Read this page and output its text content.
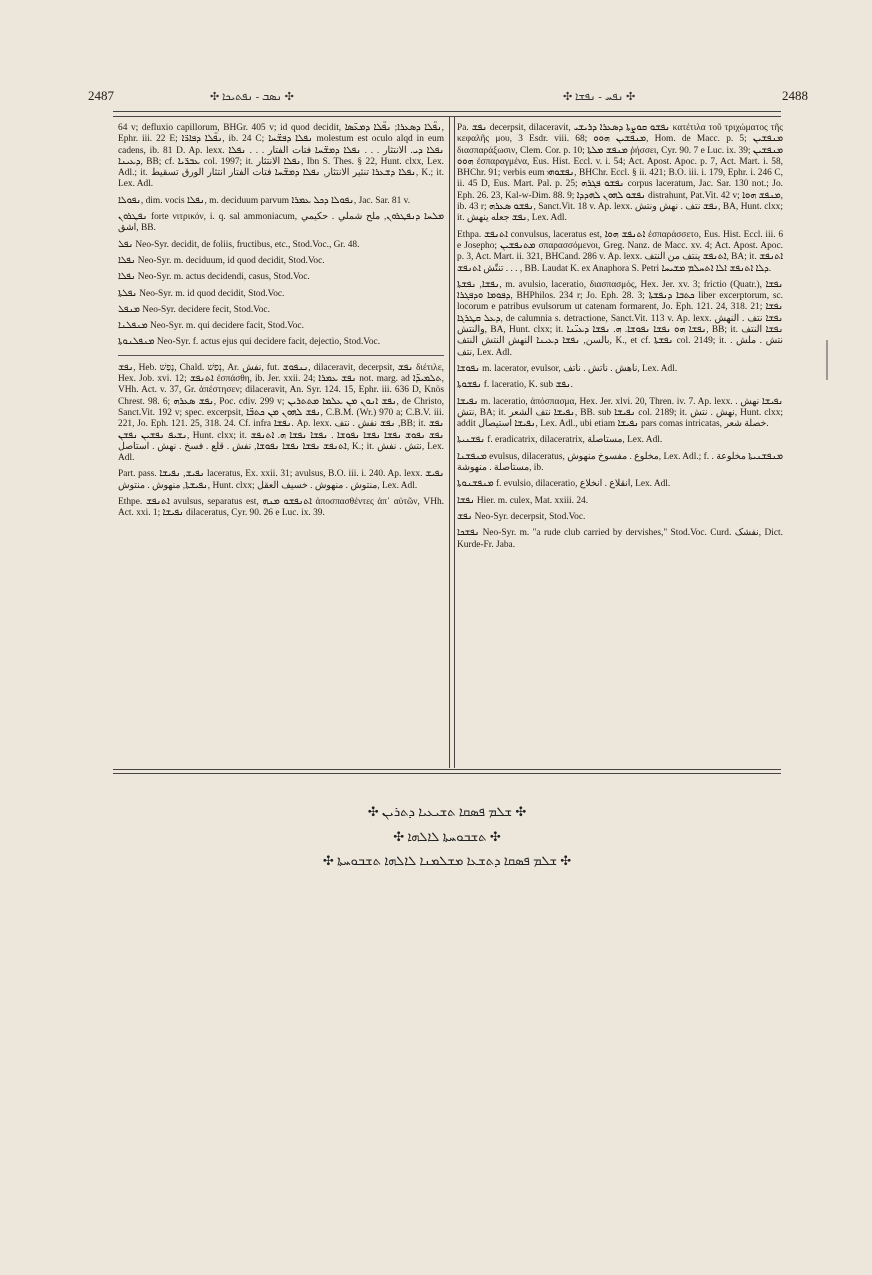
2487	✣ ܢܣܒ - ܢܦܬܝܟܐ ✣	✣ ܢܦܚ - ܢܦܫܐ ✣	2488

64 v; defluxio capillorum, BHGr. 405 v; id quod decidit, ܢܦ̈ܠܐ ܕܣܥܪܐ; ܢܦ̈ܠܐ ܕܡܥ̈ܣܐ, Ephr. iii. 22 E; ܢܦ̈ܠܐ ܕܦܐܪ̈ܐ, ib. 24 C; ܢܦܠܐ ܕܦܫ̈ܚܐ molestum est oculo alqd in eum cadens, ib. 81 D. Ap. lexx. ܢܦܠܐ ܕܝ. الانتثار . . . ܢܦܠܐ ܕܡܫ̈ܚܐ فتات الفتار . . . ܢܦܠܐ ܕܥܝܢܐ, BB; cf. ܥܒܪ̈ܝܐ col. 1997; it. ܢܦܠܐ الانتثار, Ibn S. Thes. § 22, Hunt. clxx, Lex. Adl.; it. ܢܦܠܐ ܕܫܥܪܐ تنثير الانتثار, ܢܦܠܐ ܕܡܫ̈ܚܐ فتات الفتار انتثار الورق تسقيط, K.; it. Lex. Adl.

ܢܦܘܠܐ, dim. vocis ܢܦܠܐ, m. deciduum parvum ܢܦܘܠܐ ܕܟܠ ܥܡܪܐ, Jac. Sar. 81 v.

ܢܦܛܪܘܢ forte νιτρικόν, i. q. sal ammoniacum, ܡܠܚܐ ܕܢܦܛܪܘܢ, ملح شملي . حكيمي اشق, BB.

ܢܦܠ Neo-Syr. decidit, de foliis, fructibus, etc., Stod.Voc., Gr. 48.

ܢܦܠܐ Neo-Syr. m. deciduum, id quod decidit, Stod.Voc.

ܢܦܠܐ Neo-Syr. m. actus decidendi, casus, Stod.Voc.

ܢܦܠܬܐ Neo-Syr. m. id quod decidit, Stod.Voc.

ܡܢܦܠ Neo-Syr. decidere fecit, Stod.Voc.

ܡܢܦܠܢܐ Neo-Syr. m. qui decidere facit, Stod.Voc.

ܡܢܦܠܢܘܬܐ Neo-Syr. f. actus ejus qui decidere facit, dejectio, Stod.Voc.

ܢܦܫ, Heb. נָפַשׁ, Chald. נְפַשׁ, Ar. نفش, fut. ܢܢܦܘܫ, dilaceravit, decerpsit, ܢܦܫ διέτιλε, Hex. Job. xvi. 12; ܐܬܢܦܫ ἐσπάσθη, ib. Jer. xxii. 24; ܢܦܫ ܥܡܪܐ not. marg. ad ܬܠܡܝܕ̈ܐ, VHh. Act. v. 37, Gr. ἀπέστησεν; dilaceravit, An. Syr. 124. 15, Ephr. iii. 636 D, Knös Chrest. 98. 6; ܢܦܫ ܣܥܪܗ, Poc. cdiv. 299 v; ܢܦܫ ܐܢܘܢ ܡܢ ܥܠܡܐ ܡܬܬܪܝܢ, de Christo, Sanct.Vit. 192 v; spec. excerpsit, ܢܦܫ ܠܗܘܢ ܡܢ ܟܬܒ̈ܐ, C.B.M. (Wr.) 970 a; C.B.V. iii. 221, Jo. Eph. 121. 25, 318. 24. Cf. infra ܢܦܫܐ. Ap. lexx. ܢܦܫ نفش . نتف ,BB; it. ܢܦܫ ܢܫܝܦ ܢܦܫܝܢ ܢܦܫܢ, Hunt. clxx; it. ܢܦܫ ܢܦܘܫ ܢܦܫܐ ܢܦܫܐ ܢܦܘܫܐ . ܢܦܫܐ ܢܦܫܐ ܗ. ܐܬܢܦܫ ܐܬܢܦܫ ܢܦܫܐ ܢܦܫܐ ܢܦܘܫܐ, نفش . قلع . فسخ . نهش . استاصل, K.; it. نتش . نفش, Lex. Adl.

Part. pass. ܢܦܝܫ, ܢܦܝܫܐ laceratus, Ex. xxii. 31; avulsus, B.O. iii. i. 240. Ap. lexx. ܢܦܝܫ ܢܦܝܫܬܐ, منهوش . منتوش, Hunt. clxx; منتوش . منهوش . خسيف العقل, Lex. Adl.

Ethpe. ܐܬܢܦܫ avulsus, separatus est, ܐܬܢܦܫܘ ܡܢܗ ἀποσπασθέντες ἀπ᾽ αὐτῶν, VHh. Act. xxi. 1; ܢܦܝܫܐ dilaceratus, Cyr. 90. 26 e Luc. ix. 39.

Pa. ܢܦܫ decerpsit, dilaceravit, ܢܦܫܘ ܩܘܨܬܐ ܕܣܥܪܐ ܕܪܝܫܝ κατέτιλα τοῦ τριχώματος τῆς κεφαλῆς μου, 3 Esdr. viii. 68; ܡܢܦܫܝܢ ܗܘܘ, Hom. de Macc. p. 5; ܡܢܦܫܝܢ διασπαράξωσιν, Clem. Cor. p. 10; ܡܢܦܫ ܡܠܬܐ ῥήσσει, Cyr. 90. 7 e Luc. ix. 39; ܡܢܦܫܝܢ ܗܘܘ ἐσπαραγμένα, Eus. Hist. Eccl. v. i. 54; Act. Apost. Apoc. p. 7, Act. Mart. i. 58, BHChr. 91; verbis eum ܢܦܫܘܗܝ, BHChr. Eccl. § ii. 421; B.O. iii. i. 179, Ephr. i. 246 C, ii. 45 D, Eus. Mart. Pal. p. 25; ܢܦܫܘ ܦܓܪܗ corpus laceratum, Jac. Sar. 130 not.; Jo. Eph. 26. 23, Kal-w-Dim. 88. 9; ܢܦܫܘ ܠܗܘܢ ܠܗܕܕܐ distrahunt, Pat.Vit. 42 v; ܡܢܦܫ ܗܘܐ, ib. 43 r; ܢܦܫܘ ܣܥܪܗ, Sanct.Vit. 18 v. Ap. lexx. ܢܦܫ نتف . نهش ونتش, BA, Hunt. clxx; it. ܢܦܫ جعله ينهش, Lex. Adl.

Ethpa. ܐܬܢܦܫ convulsus, laceratus est, ܐܬܢܦܫ ܗܘܐ ἐσπαράσσετο, Eus. Hist. Eccl. iii. 6 e Josepho; ܡܬܢܦܫܝܢ σπαρασσόμενοι, Greg. Nanz. de Macc. xv. 4; Act. Apost. Apoc. p. 3, Act. Mart. ii. 321, BHCand. 286 v. Ap. lexx. ܐܬܢܦܫ ينتف من النتف, BA; it. ܐܬܢܦܫ تنتّش ܐܬܢܦܫ . . . , BB. Laudat K. ex Anaphora S. Petri ܕܠܐ ܐܬܢܦܫ ܐܠܐ ܐܬܚܠܡ ܡܫܝܚܐ.

ܢܦܫܐ, ܢܦܫܬܐ, m. avulsio, laceratio, διασπασμός, Hex. Jer. xv. 3; frictio (Quatr.), ܢܦܫܐ ܕܦܘܡܐ ܘܕܦܓܪܐ, BHPhilos. 234 r; Jo. Eph. 28. 3; ܟܬܒܐ ܕܢܦܫܬܐ liber excerptorum, sc. locorum e patribus evulsorum ut catenam formarent, Jo. Eph. 121. 24, 318. 21; ܢܦܫܐ ܕܥܠ ܩܛܪܓܐ, de calumnia s. detractione, Sanct.Vit. 113 v. Ap. lexx. ܢܦܫܐ نتف . النهش والنتش, BA, Hunt. clxx; it. ܢܦܫܐ ܗܘ ܢܦܫܐ ܢܦܘܫܐ. ܗ. ܢܦܫܐ ܕܥܝ̈ܢܐ, BB; it. ܢܦܫܐ النتف بالسن, ܢܦܫܐ ܕܥܝܢܐ النهش النتش النتف, K., et cf. ܢܦܫܬܐ col. 2149; it. نتش . ملش . نتف, Lex. Adl.

ܢܦܘܫܐ m. lacerator, evulsor, ناهش . ناتش . ناتف, Lex. Adl.

ܢܦܫܘܬܐ f. laceratio, K. sub ܢܦܫ.

ܢܦܝܫܐ m. laceratio, ἀπόσπασμα, Hex. Jer. xlvi. 20, Thren. iv. 7. Ap. lexx. ܢܦܝܫܐ نهش . نتش, BA; it. ܢܦܝܫܐ نتف الشعر, BB. sub ܢܦܝܫܐ col. 2189; it. نهش . نتش, Hunt. clxx; addit ܢܦܝܫܐ استيصال, Lex. Adl., ubi etiam ܢܦܝܫܐ pars comas intricatas, خصلة شعر.

ܢܦܫܢܝܬܐ f. eradicatrix, dilaceratrix, مستاصلة, Lex. Adl.

ܡܢܦܫܢܐ evulsus, dilaceratus, مخلوع . مفسوخ منهوش, Lex. Adl.; f. ܡܢܦܫܢܝܬܐ مخلوعة . مستاصلة . منهوشة, ib.

ܡܢܦܫܢܘܬܐ f. evulsio, dilaceratio, انقلاع . انخلاع, Lex. Adl.

ܢܦܫܐ Hier. m. culex, Mat. xxiii. 24.

ܢܦܫ Neo-Syr. decerpsit, Stod.Voc.

ܢܦܫܟܐ Neo-Syr. m. "a rude club carried by dervishes," Stod.Voc. Curd. ﻧﻔﺸﮏ, Dict. Kurde-Fr. Jaba.

✣ ܫܠܡ ܦܣܩܐ ܬܫܝܥܝܐ ܕܬܪܝܢ ✣
✣ ܬܫܒܘܚܬܐ ܠܐܠܗܐ ✣
✣ ܫܠܡ ܦܣܩܐ ܕܬܫܥܐ ܡܫܠܡܢܐ ܠܐܠܗܐ ܬܫܒܘܚܬܐ ✣
